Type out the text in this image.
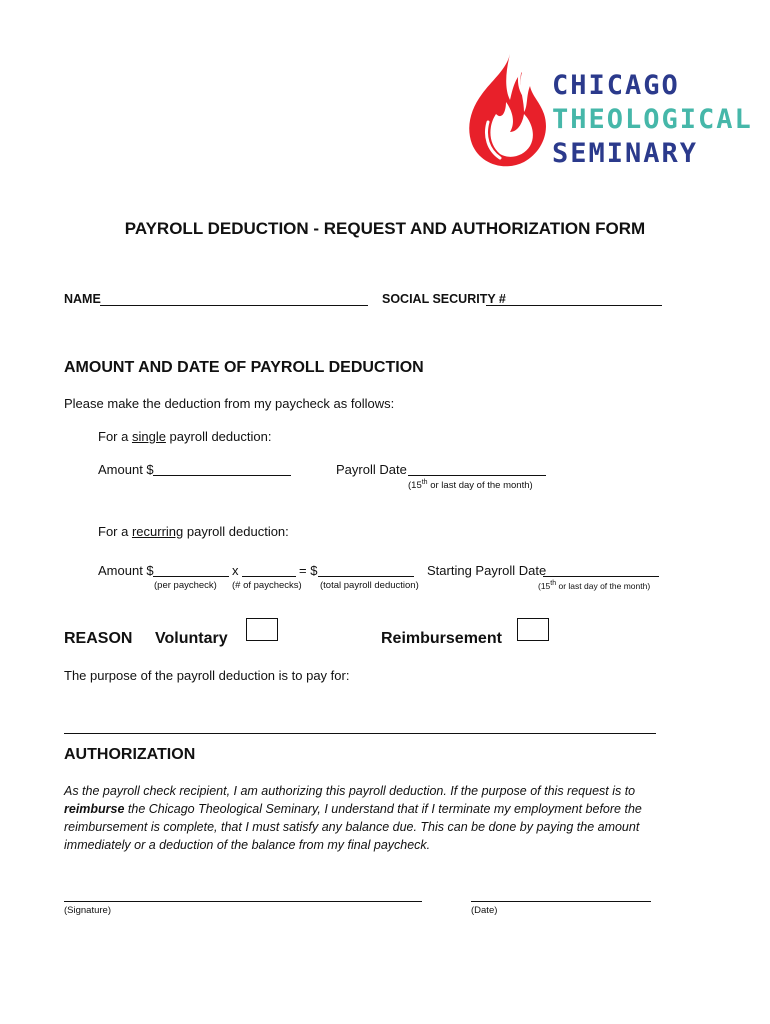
CHICAGO
THEOLOGICAL
SEMINARY
PAYROLL DEDUCTION - REQUEST AND AUTHORIZATION FORM
NAME	SOCIAL SECURITY #
AMOUNT AND DATE OF PAYROLL DEDUCTION
Please make the deduction from my paycheck as follows:
For a single payroll deduction:
Amount $	Payroll Date
(15th or last day of the month)
For a recurring payroll deduction:
Amount $	x	= $	Starting Payroll Date
(per paycheck) (# of paychecks) (total payroll deduction)	(15th or last day of the month)
REASON Voluntary	Reimbursement
The purpose of the payroll deduction is to pay for:
AUTHORIZATION
As the payroll check recipient, I am authorizing this payroll deduction. If the purpose of this request is to reimburse the Chicago Theological Seminary, I understand that if I terminate my employment before the reimbursement is complete, that I must satisfy any balance due. This can be done by paying the amount immediately or a deduction of the balance from my final paycheck.
(Signature)	(Date)
